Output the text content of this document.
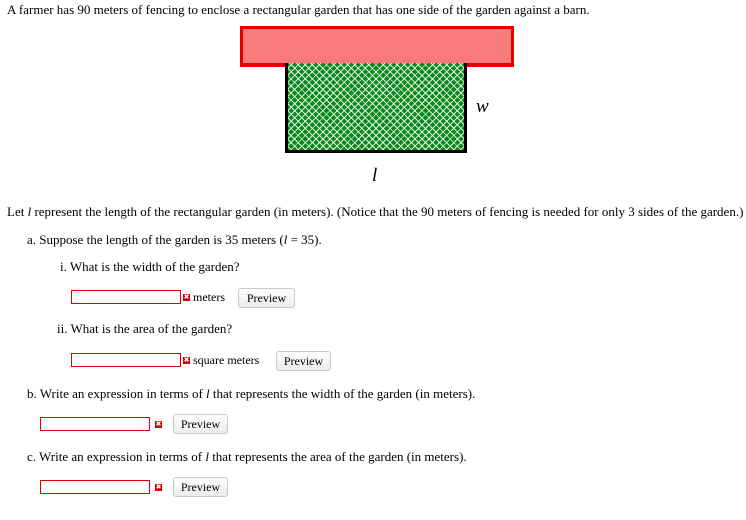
A farmer has 90 meters of fencing to enclose a rectangular garden that has one side of the garden against a barn.
w
l
Let l represent the length of the rectangular garden (in meters). (Notice that the 90 meters of fencing is needed for only 3 sides of the garden.)
a. Suppose the length of the garden is 35 meters (l = 35).
i. What is the width of the garden?
✖ meters	Preview
ii. What is the area of the garden?
✖ square meters	Preview
b. Write an expression in terms of l that represents the width of the garden (in meters).
✖	Preview
c. Write an expression in terms of l that represents the area of the garden (in meters).
✖	Preview
